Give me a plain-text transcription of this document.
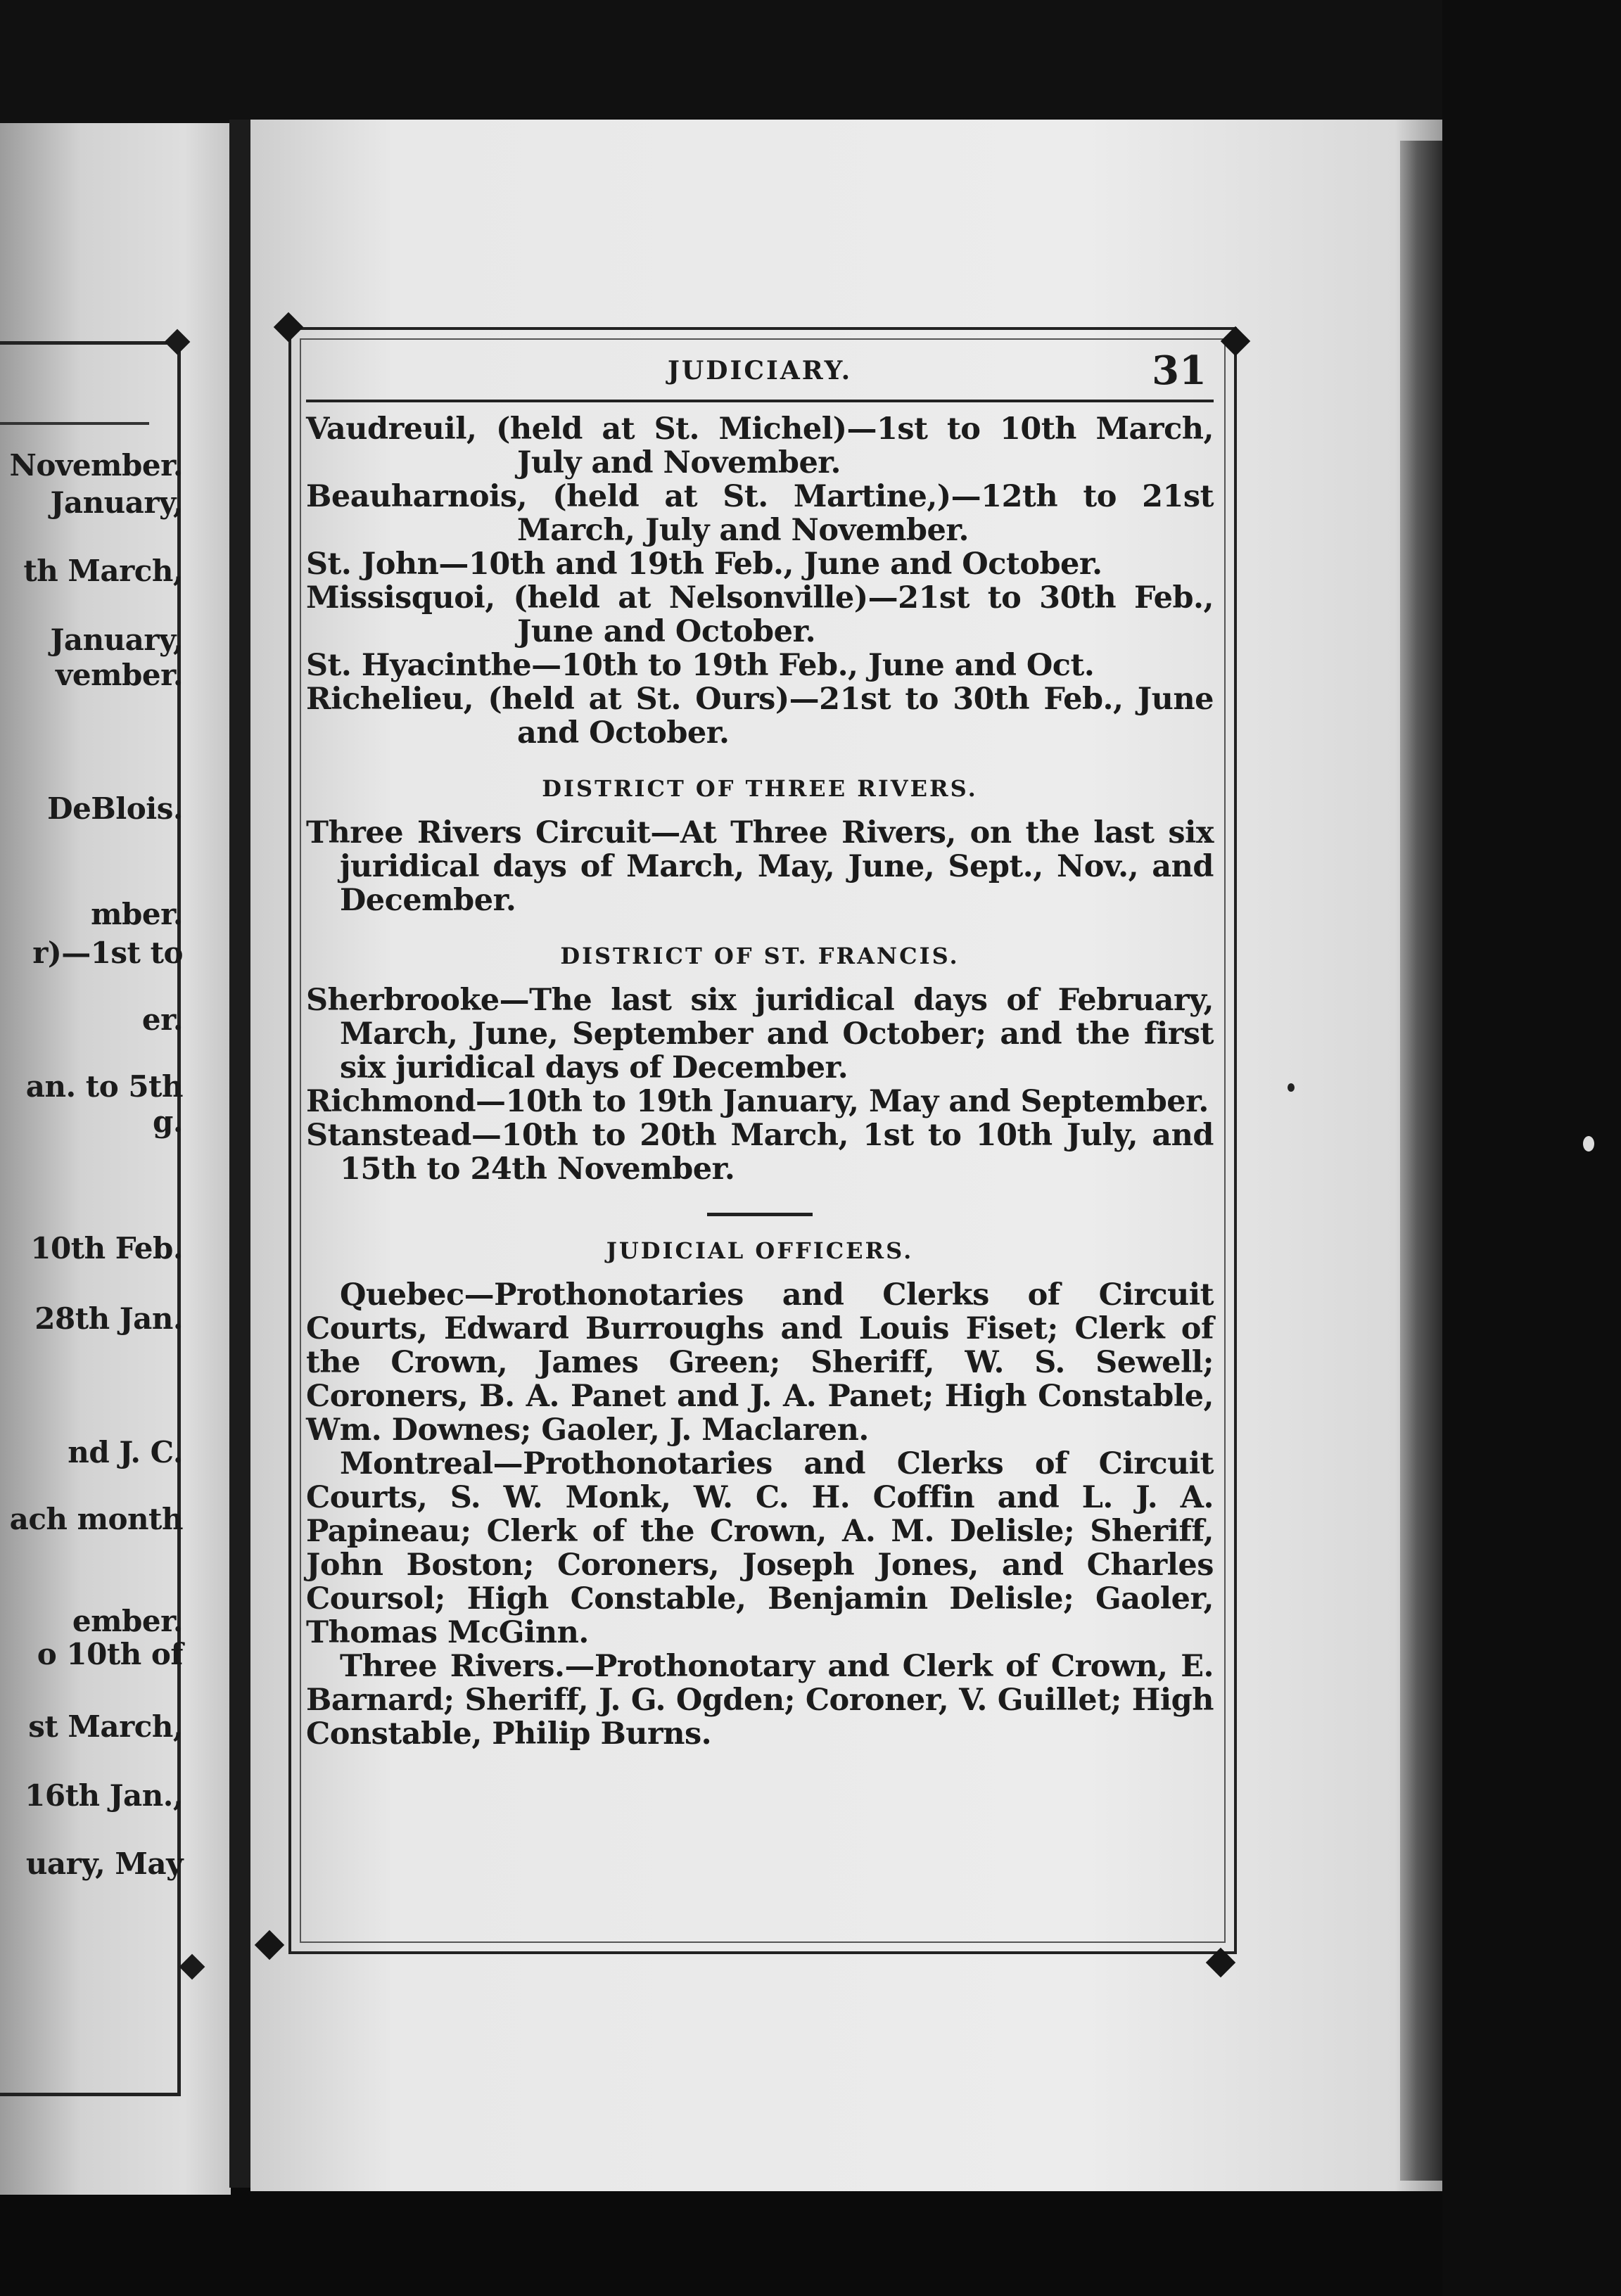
November.
January,
th March,
January,
vember.
DeBlois.
mber.
r)—1st to
er.
an. to 5th
g.
10th Feb.
28th Jan.
nd J. C.
ach month
ember.
o 10th of
st March,
16th Jan.,
uary, May
JUDICIARY.	31

Vaudreuil, (held at St. Michel)—1st to 10th March, July and November.

Beauharnois, (held at St. Martine,)—12th to 21st March, July and November.

St. John—10th and 19th Feb., June and October.

Missisquoi, (held at Nelsonville)—21st to 30th Feb., June and October.

St. Hyacinthe—10th to 19th Feb., June and Oct.

Richelieu, (held at St. Ours)—21st to 30th Feb., June and October.

DISTRICT OF THREE RIVERS.

Three Rivers Circuit—At Three Rivers, on the last six juridical days of March, May, June, Sept., Nov., and December.

DISTRICT OF ST. FRANCIS.

Sherbrooke—The last six juridical days of February, March, June, September and October; and the first six juridical days of December.

Richmond—10th to 19th January, May and September.

Stanstead—10th to 20th March, 1st to 10th July, and 15th to 24th November.

JUDICIAL OFFICERS.

Quebec—Prothonotaries and Clerks of Circuit Courts, Edward Burroughs and Louis Fiset; Clerk of the Crown, James Green; Sheriff, W. S. Sewell; Coroners, B. A. Panet and J. A. Panet; High Constable, Wm. Downes; Gaoler, J. Maclaren.

Montreal—Prothonotaries and Clerks of Circuit Courts, S. W. Monk, W. C. H. Coffin and L. J. A. Papineau; Clerk of the Crown, A. M. Delisle; Sheriff, John Boston; Coroners, Joseph Jones, and Charles Coursol; High Constable, Benjamin Delisle; Gaoler, Thomas McGinn.

Three Rivers.—Prothonotary and Clerk of Crown, E. Barnard; Sheriff, J. G. Ogden; Coroner, V. Guillet; High Constable, Philip Burns.
